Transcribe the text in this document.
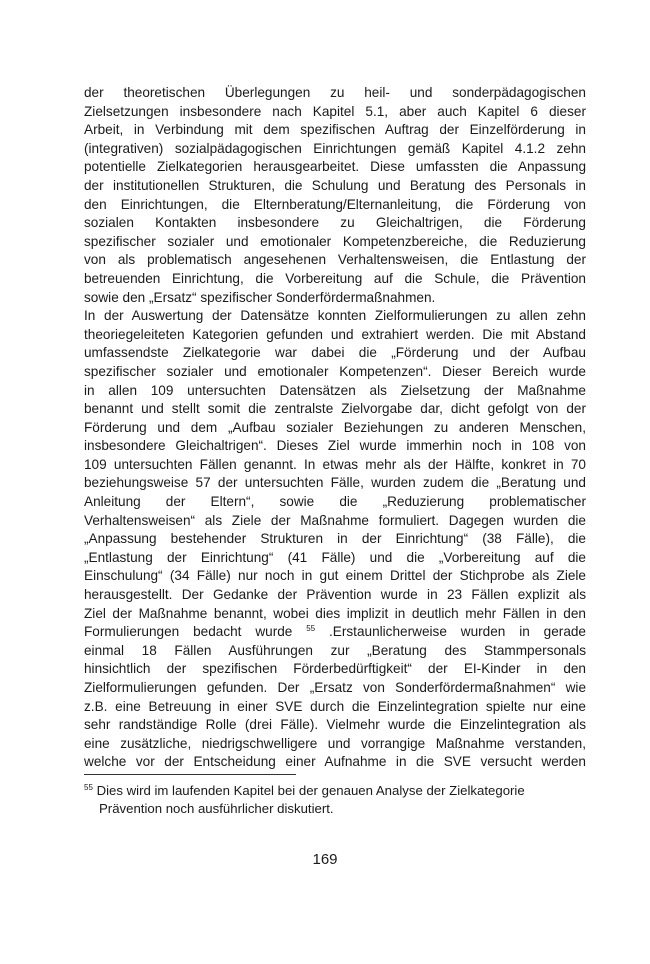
der theoretischen Überlegungen zu heil- und sonderpädagogischen
Zielsetzungen insbesondere nach Kapitel 5.1, aber auch Kapitel 6 dieser
Arbeit, in Verbindung mit dem spezifischen Auftrag der Einzelförderung in
(integrativen) sozialpädagogischen Einrichtungen gemäß Kapitel 4.1.2 zehn
potentielle Zielkategorien herausgearbeitet. Diese umfassten die Anpassung
der institutionellen Strukturen, die Schulung und Beratung des Personals in
den Einrichtungen, die Elternberatung/Elternanleitung, die Förderung von
sozialen Kontakten insbesondere zu Gleichaltrigen, die Förderung
spezifischer sozialer und emotionaler Kompetenzbereiche, die Reduzierung
von als problematisch angesehenen Verhaltensweisen, die Entlastung der
betreuenden Einrichtung, die Vorbereitung auf die Schule, die Prävention
sowie den „Ersatz“ spezifischer Sonderfördermaßnahmen.
In der Auswertung der Datensätze konnten Zielformulierungen zu allen zehn
theoriegeleiteten Kategorien gefunden und extrahiert werden. Die mit Abstand
umfassendste Zielkategorie war dabei die „Förderung und der Aufbau
spezifischer sozialer und emotionaler Kompetenzen“. Dieser Bereich wurde
in allen 109 untersuchten Datensätzen als Zielsetzung der Maßnahme
benannt und stellt somit die zentralste Zielvorgabe dar, dicht gefolgt von der
Förderung und dem „Aufbau sozialer Beziehungen zu anderen Menschen,
insbesondere Gleichaltrigen“. Dieses Ziel wurde immerhin noch in 108 von
109 untersuchten Fällen genannt. In etwas mehr als der Hälfte, konkret in 70
beziehungsweise 57 der untersuchten Fälle, wurden zudem die „Beratung und
Anleitung der Eltern“, sowie die „Reduzierung problematischer
Verhaltensweisen“ als Ziele der Maßnahme formuliert. Dagegen wurden die
„Anpassung bestehender Strukturen in der Einrichtung“ (38 Fälle), die
„Entlastung der Einrichtung“ (41 Fälle) und die „Vorbereitung auf die
Einschulung“ (34 Fälle) nur noch in gut einem Drittel der Stichprobe als Ziele
herausgestellt. Der Gedanke der Prävention wurde in 23 Fällen explizit als
Ziel der Maßnahme benannt, wobei dies implizit in deutlich mehr Fällen in den
Formulierungen bedacht wurde $^{55}$ .Erstaunlicherweise wurden in gerade
einmal 18 Fällen Ausführungen zur „Beratung des Stammpersonals
hinsichtlich der spezifischen Förderbedürftigkeit“ der EI-Kinder in den
Zielformulierungen gefunden. Der „Ersatz von Sonderfördermaßnahmen“ wie
z.B. eine Betreuung in einer SVE durch die Einzelintegration spielte nur eine
sehr randständige Rolle (drei Fälle). Vielmehr wurde die Einzelintegration als
eine zusätzliche, niedrigschwelligere und vorrangige Maßnahme verstanden,
welche vor der Entscheidung einer Aufnahme in die SVE versucht werden
$^{55}$ Dies wird im laufenden Kapitel bei der genauen Analyse der Zielkategorie
Prävention noch ausführlicher diskutiert.
169
